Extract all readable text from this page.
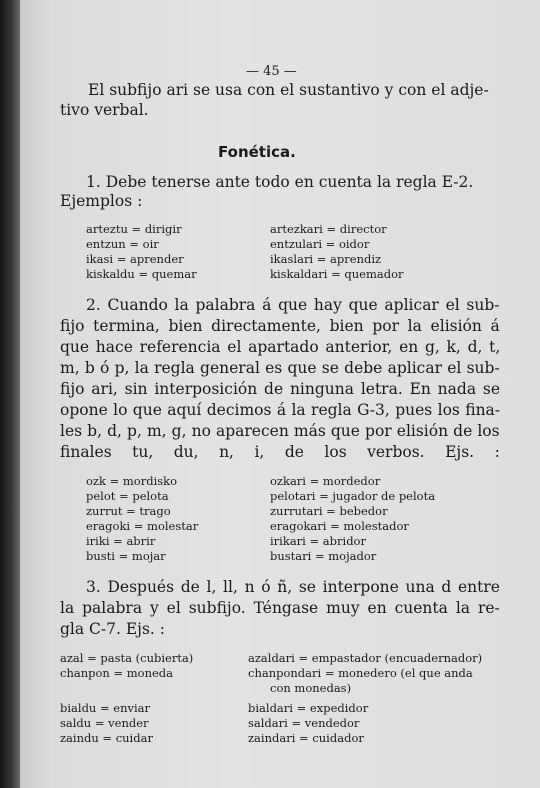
— 45 —
El subfijo ari se usa con el sustantivo y con el adje-
tivo verbal.
Fonética.
1. Debe tenerse ante todo en cuenta la regla E-2.
Ejemplos :
arteztu = dirigir	artezkari = director
entzun = oir	entzulari = oidor
ikasi = aprender	ikaslari = aprendiz
kiskaldu = quemar	kiskaldari = quemador
2. Cuando la palabra á que hay que aplicar el sub-
fijo termina, bien directamente, bien por la elisión á
que hace referencia el apartado anterior, en g, k, d, t,
m, b ó p, la regla general es que se debe aplicar el sub-
fijo ari, sin interposición de ninguna letra. En nada se
opone lo que aquí decimos á la regla G-3, pues los fina-
les b, d, p, m, g, no aparecen más que por elisión de los
finales tu, du, n, i, de los verbos. Ejs. :
ozk = mordisko	ozkari = mordedor
pelot = pelota	pelotari = jugador de pelota
zurrut = trago	zurrutari = bebedor
eragoki = molestar	eragokari = molestador
iriki = abrir	irikari = abridor
busti = mojar	bustari = mojador
3. Después de l, ll, n ó ñ, se interpone una d entre
la palabra y el subfijo. Téngase muy en cuenta la re-
gla C-7. Ejs. :
azal = pasta (cubierta)	azaldari = empastador (encuadernador)
chanpon = moneda	chanpondari = monedero (el que anda
con monedas)
bialdu = enviar	bialdari = expedidor
saldu = vender	saldari = vendedor
zaindu = cuidar	zaindari = cuidador
